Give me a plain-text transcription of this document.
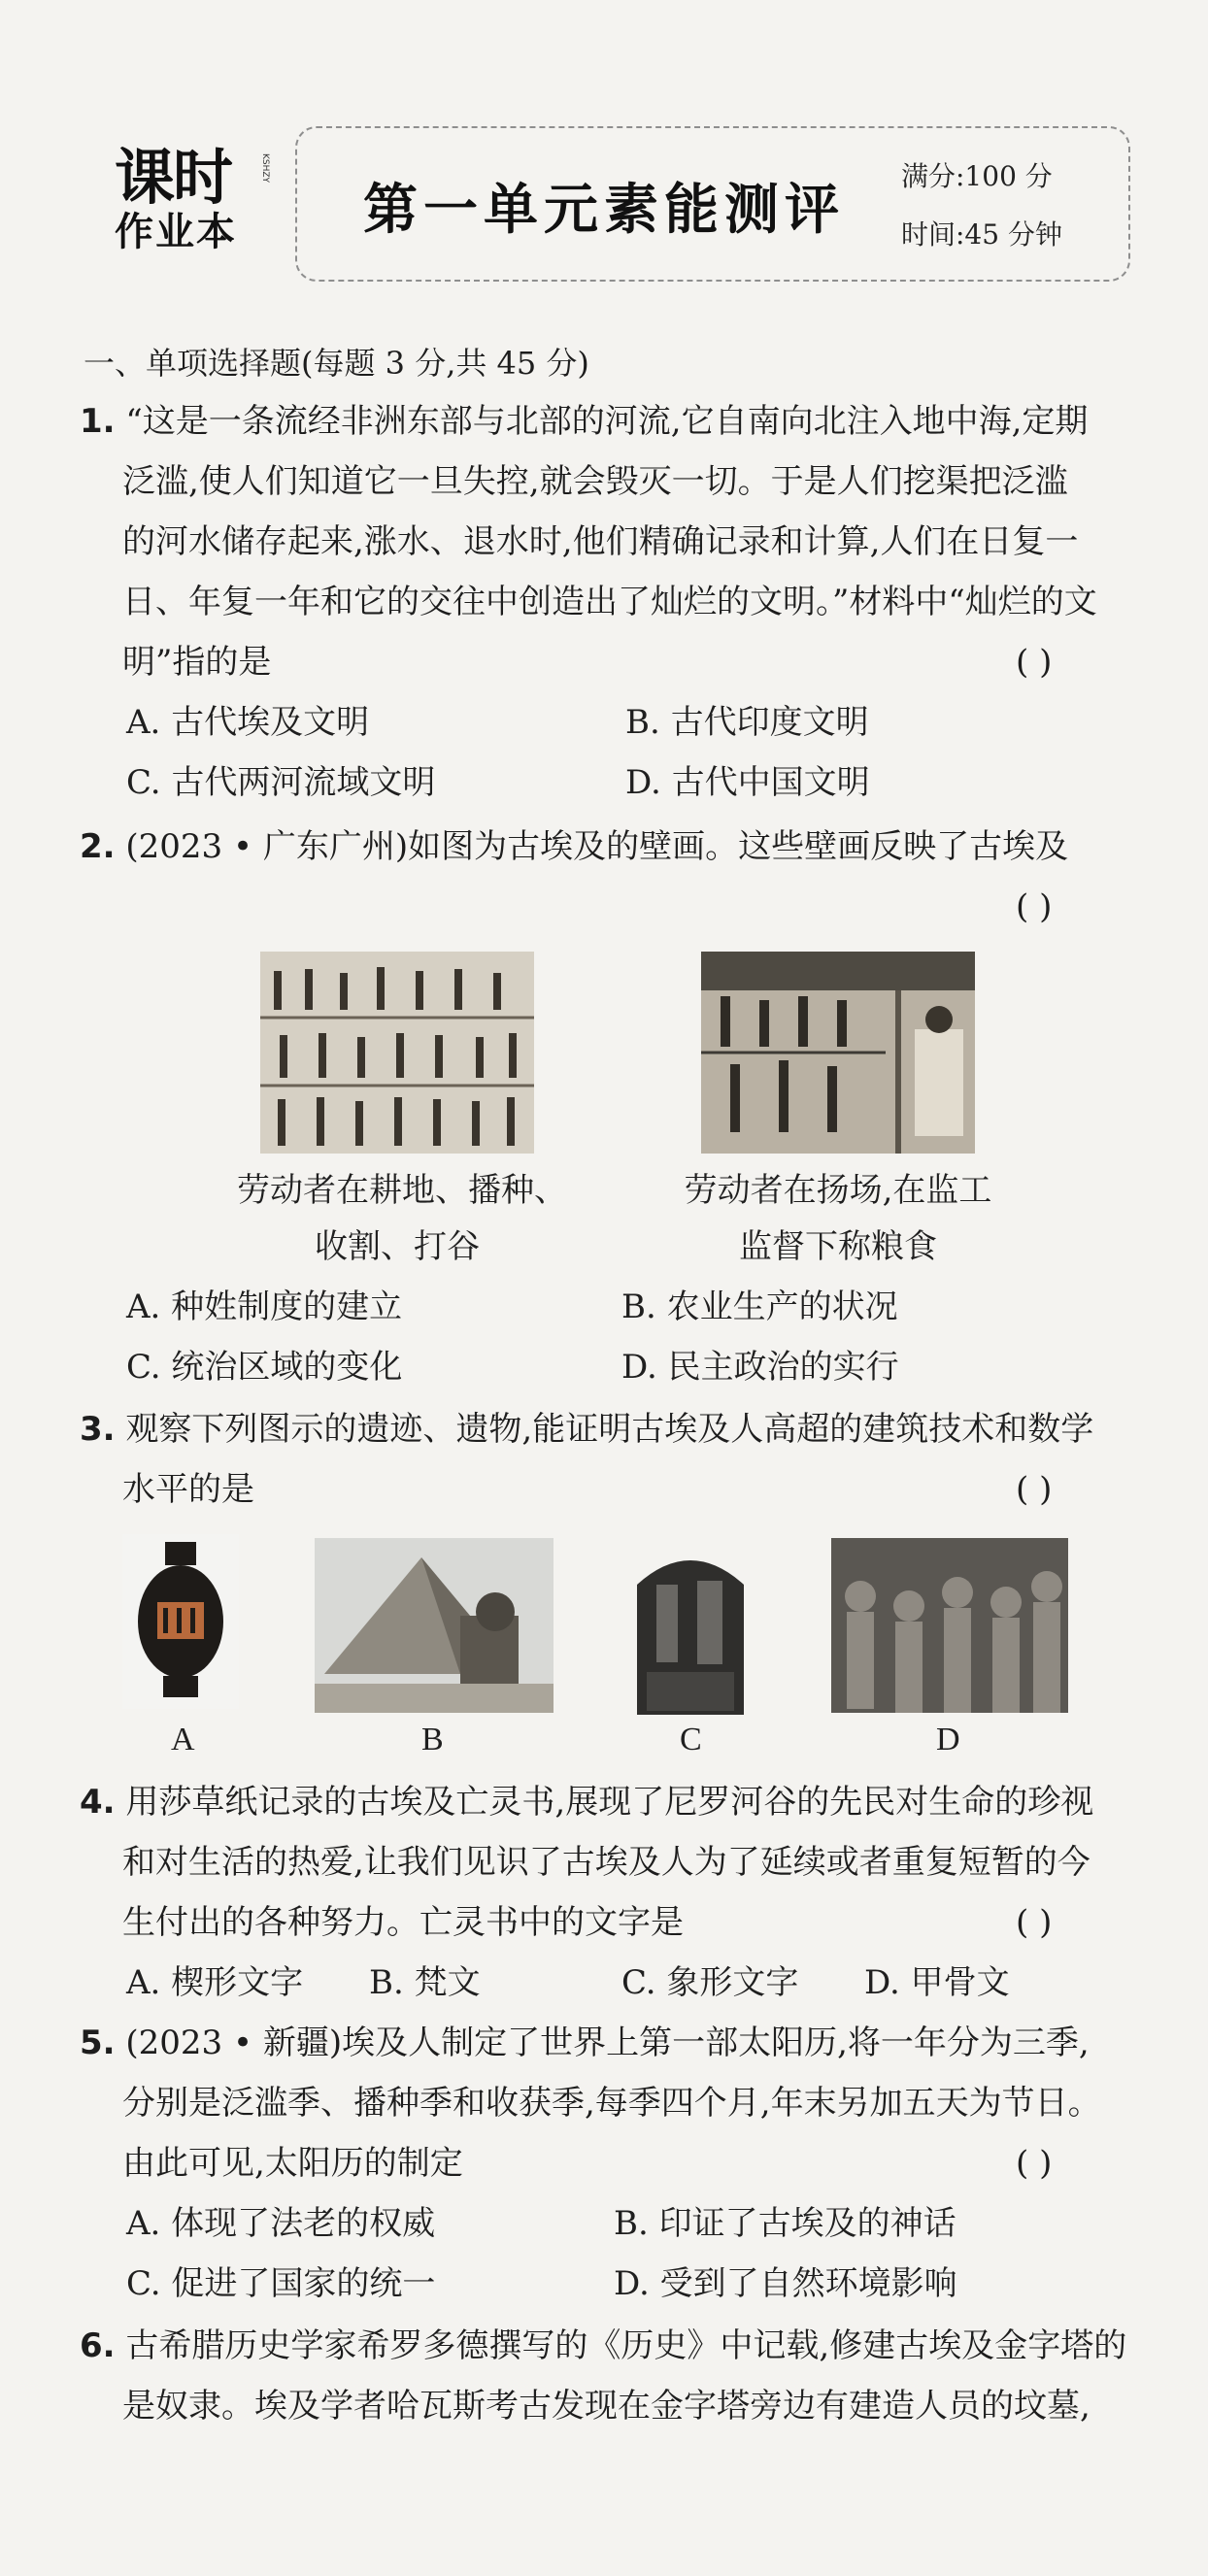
课时
作业本
KSHZY
第一单元素能测评
满分:100 分
时间:45 分钟
一、单项选择题(每题 3 分,共 45 分)
1. “这是一条流经非洲东部与北部的河流,它自南向北注入地中海,定期
泛滥,使人们知道它一旦失控,就会毁灭一切。于是人们挖渠把泛滥
的河水储存起来,涨水、退水时,他们精确记录和计算,人们在日复一
日、年复一年和它的交往中创造出了灿烂的文明。”材料中“灿烂的文
明”指的是	( )
A. 古代埃及文明	B. 古代印度文明
C. 古代两河流域文明	D. 古代中国文明
2. (2023 • 广东广州)如图为古埃及的壁画。这些壁画反映了古埃及
( )
劳动者在耕地、播种、
收割、打谷
劳动者在扬场,在监工
监督下称粮食
A. 种姓制度的建立	B. 农业生产的状况
C. 统治区域的变化	D. 民主政治的实行
3. 观察下列图示的遗迹、遗物,能证明古埃及人高超的建筑技术和数学
水平的是	( )
A	B	C	D
4. 用莎草纸记录的古埃及亡灵书,展现了尼罗河谷的先民对生命的珍视
和对生活的热爱,让我们见识了古埃及人为了延续或者重复短暂的今
生付出的各种努力。亡灵书中的文字是	( )
A. 楔形文字 B. 梵文	C. 象形文字 D. 甲骨文
5. (2023 • 新疆)埃及人制定了世界上第一部太阳历,将一年分为三季,
分别是泛滥季、播种季和收获季,每季四个月,年末另加五天为节日。
由此可见,太阳历的制定	( )
A. 体现了法老的权威	B. 印证了古埃及的神话
C. 促进了国家的统一	D. 受到了自然环境影响
6. 古希腊历史学家希罗多德撰写的《历史》中记载,修建古埃及金字塔的
是奴隶。埃及学者哈瓦斯考古发现在金字塔旁边有建造人员的坟墓,
